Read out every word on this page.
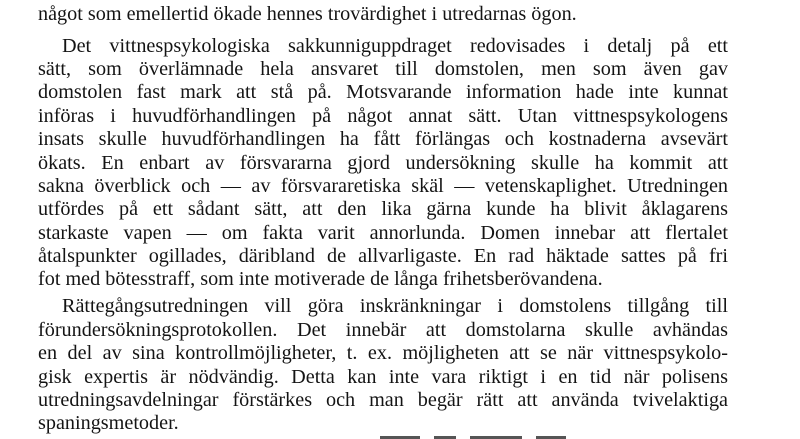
något som emellertid ökade hennes trovärdighet i utredarnas ögon.
Det vittnespsykologiska sakkunniguppdraget redovisades i detalj på ett
sätt, som överlämnade hela ansvaret till domstolen, men som även gav
domstolen fast mark att stå på. Motsvarande information hade inte kunnat
införas i huvudförhandlingen på något annat sätt. Utan vittnespsykologens
insats skulle huvudförhandlingen ha fått förlängas och kostnaderna avsevärt
ökats. En enbart av försvararna gjord undersökning skulle ha kommit att
sakna överblick och — av försvararetiska skäl — vetenskaplighet. Utredningen
utfördes på ett sådant sätt, att den lika gärna kunde ha blivit åklagarens
starkaste vapen — om fakta varit annorlunda. Domen innebar att flertalet
åtalspunkter ogillades, däribland de allvarligaste. En rad häktade sattes på fri
fot med bötesstraff, som inte motiverade de långa frihetsberövandena.
Rättegångsutredningen vill göra inskränkningar i domstolens tillgång till
förundersökningsprotokollen. Det innebär att domstolarna skulle avhändas
en del av sina kontrollmöjligheter, t. ex. möjligheten att se när vittnespsykolo-
gisk expertis är nödvändig. Detta kan inte vara riktigt i en tid när polisens
utredningsavdelningar förstärkes och man begär rätt att använda tvivelaktiga
spaningsmetoder.
